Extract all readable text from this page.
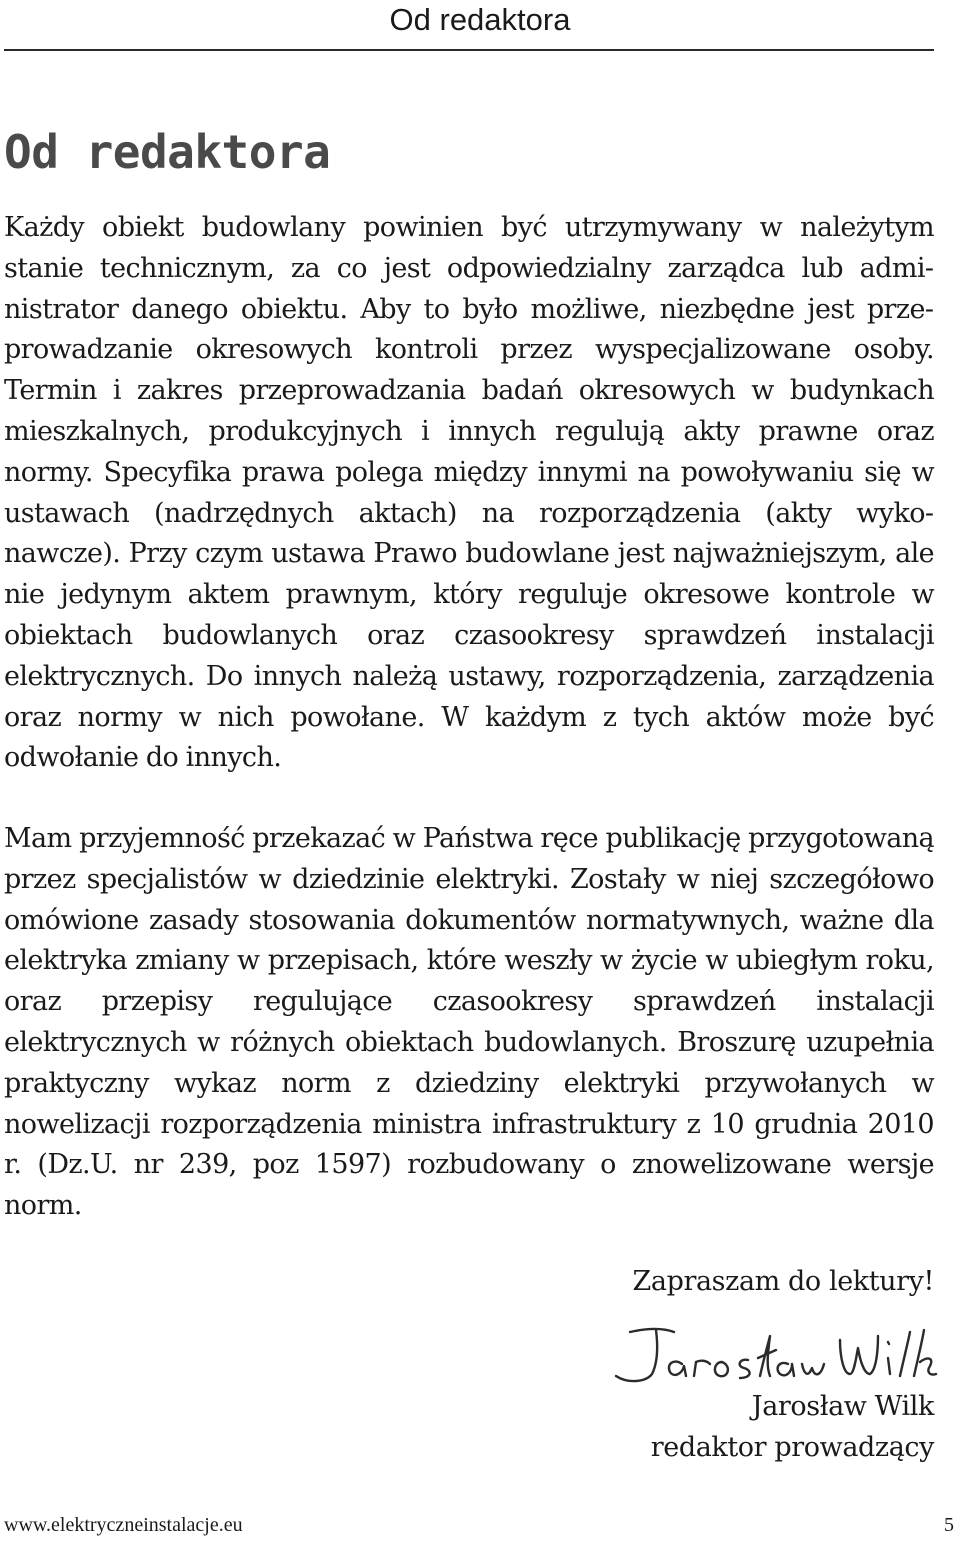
Od redaktora
Od redaktora

Każdy obiekt budowlany powinien być utrzymywany w należytym stanie technicznym, za co jest odpowiedzialny zarządca lub administrator danego obiektu. Aby to było możliwe, niezbędne jest przeprowadzanie okresowych kontroli przez wyspecjalizowane osoby. Termin i zakres przeprowadzania badań okresowych w budynkach mieszkalnych, produkcyjnych i innych regulują akty prawne oraz normy. Specyfika prawa polega między innymi na powoływaniu się w ustawach (nadrzędnych aktach) na rozporządzenia (akty wykonawcze). Przy czym ustawa Prawo budowlane jest najważniejszym, ale nie jedynym aktem prawnym, który reguluje okresowe kontrole w obiektach budowlanych oraz czasookresy sprawdzeń instalacji elektrycznych. Do innych należą ustawy, rozporządzenia, zarządzenia oraz normy w nich powołane. W każdym z tych aktów może być odwołanie do innych.

Mam przyjemność przekazać w Państwa ręce publikację przygotowaną przez specjalistów w dziedzinie elektryki. Zostały w niej szczegółowo omówione zasady stosowania dokumentów normatywnych, ważne dla elektryka zmiany w przepisach, które weszły w życie w ubiegłym roku, oraz przepisy regulujące czasookresy sprawdzeń instalacji elektrycznych w różnych obiektach budowlanych. Broszurę uzupełnia praktyczny wykaz norm z dziedziny elektryki przywołanych w nowelizacji rozporządzenia ministra infrastruktury z 10 grudnia 2010 r. (Dz.U. nr 239, poz 1597) rozbudowany o znowelizowane wersje norm.

Zapraszam do lektury!

Jarosław Wilk
redaktor prowadzący
www.elektryczneinstalacje.eu	5
